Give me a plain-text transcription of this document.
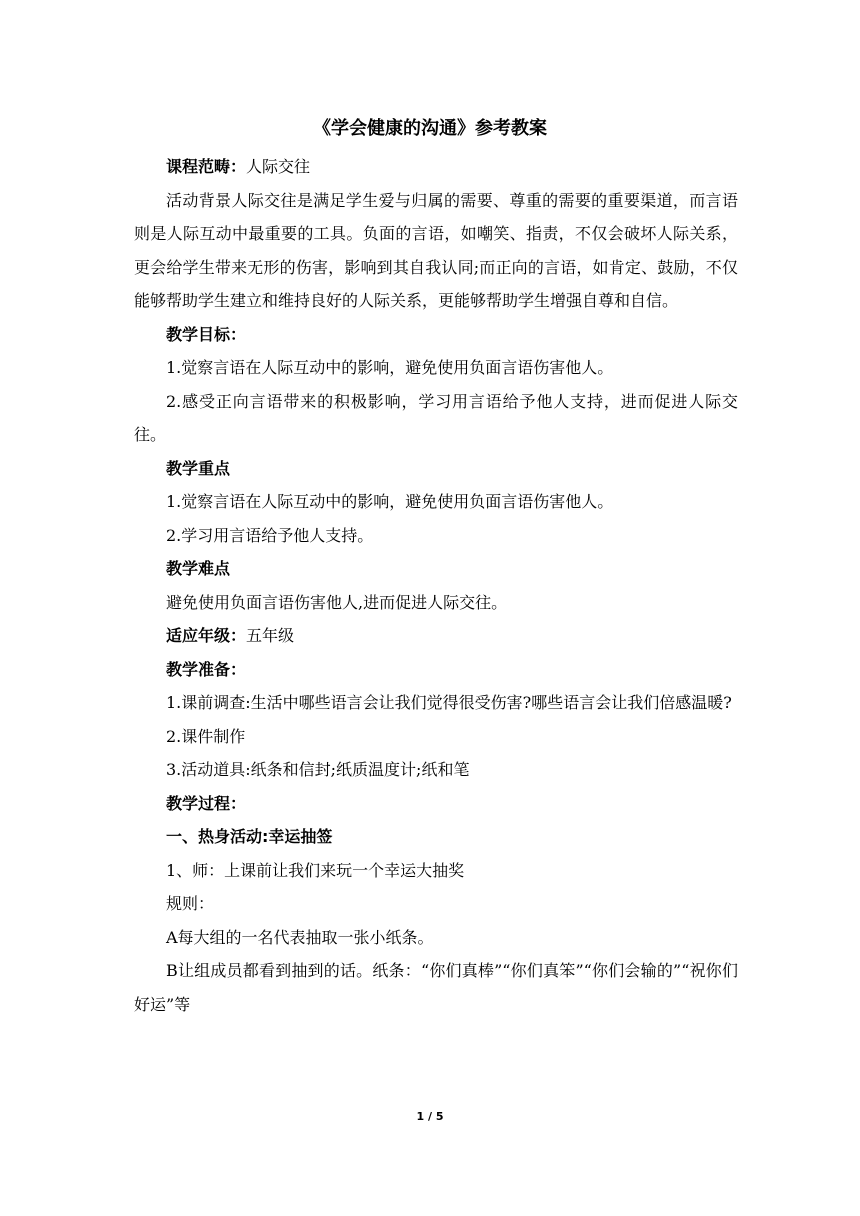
《学会健康的沟通》参考教案

课程范畴：人际交往

活动背景人际交往是满足学生爱与归属的需要、尊重的需要的重要渠道，而言语则是人际互动中最重要的工具。负面的言语，如嘲笑、指责，不仅会破坏人际关系，更会给学生带来无形的伤害，影响到其自我认同;而正向的言语，如肯定、鼓励，不仅能够帮助学生建立和维持良好的人际关系，更能够帮助学生增强自尊和自信。

教学目标：

1.觉察言语在人际互动中的影响，避免使用负面言语伤害他人。

2.感受正向言语带来的积极影响，学习用言语给予他人支持，进而促进人际交往。

教学重点

1.觉察言语在人际互动中的影响，避免使用负面言语伤害他人。

2.学习用言语给予他人支持。

教学难点

避免使用负面言语伤害他人,进而促进人际交往。

适应年级：五年级

教学准备：

1.课前调查:生活中哪些语言会让我们觉得很受伤害?哪些语言会让我们倍感温暖?

2.课件制作

3.活动道具:纸条和信封;纸质温度计;纸和笔

教学过程：

一、热身活动:幸运抽签

1、师：上课前让我们来玩一个幸运大抽奖

规则：

A每大组的一名代表抽取一张小纸条。

B让组成员都看到抽到的话。纸条：“你们真棒”“你们真笨”“你们会输的”“祝你们好运”等

1 / 5
